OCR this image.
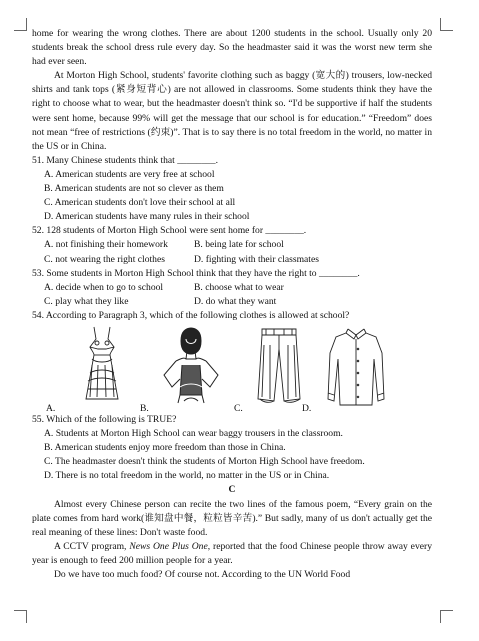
home for wearing the wrong clothes. There are about 1200 students in the school. Usually only 20 students break the school dress rule every day. So the headmaster said it was the worst new term she had ever seen.

At Morton High School, students' favorite clothing such as baggy (宽大的) trousers, low-necked shirts and tank tops (紧身短背心) are not allowed in classrooms. Some students think they have the right to choose what to wear, but the headmaster doesn't think so. “I'd be supportive if half the students were sent home, because 99% will get the message that our school is for education.” “Freedom” does not mean “free of restrictions (约束)”. That is to say there is no total freedom in the world, no matter in the US or in China.

51. Many Chinese students think that ________.

A. American students are very free at school

B. American students are not so clever as them

C. American students don't love their school at all

D. American students have many rules in their school

52. 128 students of Morton High School were sent home for ________.

A. not finishing their homework	B. being late for school
C. not wearing the right clothes	D. fighting with their classmates

53. Some students in Morton High School think that they have the right to ________.

A. decide when to go to school	B. choose what to wear
C. play what they like	D. do what they want

54. According to Paragraph 3, which of the following clothes is allowed at school?

A.	B.	C.	D.

55. Which of the following is TRUE?

A. Students at Morton High School can wear baggy trousers in the classroom.

B. American students enjoy more freedom than those in China.

C. The headmaster doesn't think the students of Morton High School have freedom.

D. There is no total freedom in the world, no matter in the US or in China.

C

Almost every Chinese person can recite the two lines of the famous poem, “Every grain on the plate comes from hard work(谁知盘中餐，粒粒皆辛苦).” But sadly, many of us don't actually get the real meaning of these lines: Don't waste food.

A CCTV program, News One Plus One, reported that the food Chinese people throw away every year is enough to feed 200 million people for a year.

Do we have too much food? Of course not. According to the UN World Food
